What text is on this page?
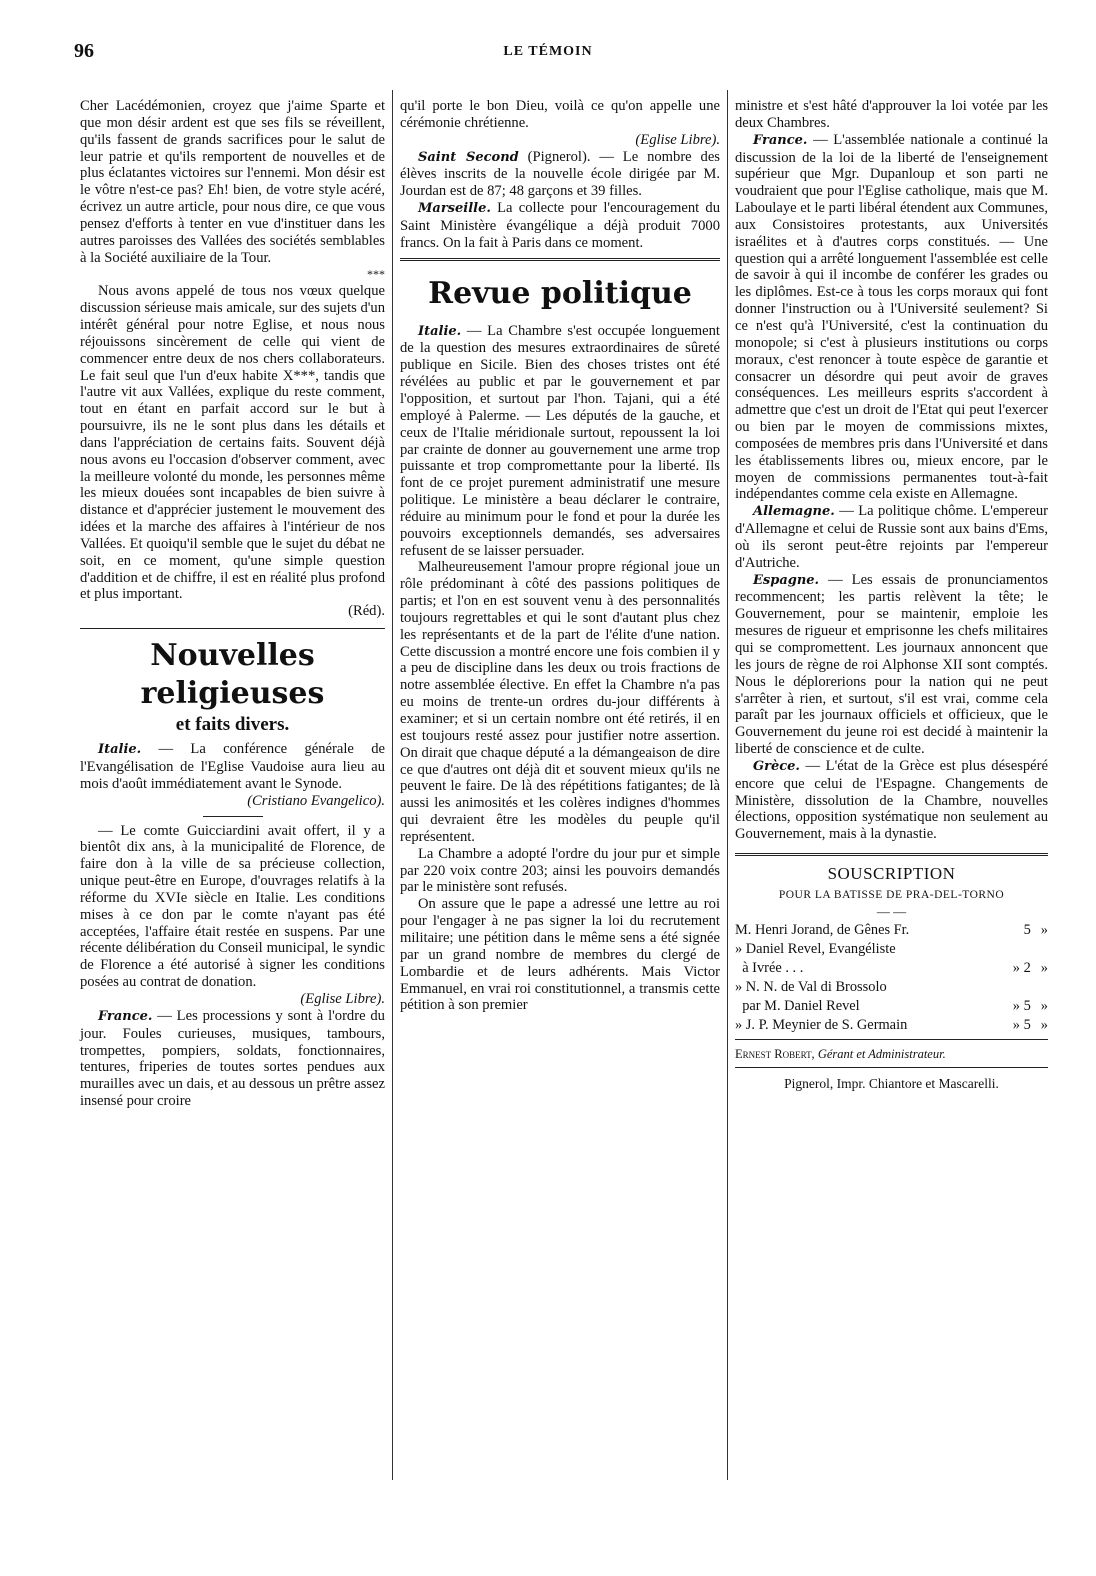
96	LE TÉMOIN

Cher Lacédémonien, croyez que j'aime Sparte et que mon désir ardent est que ses fils se réveillent, qu'ils fassent de grands sacrifices pour le salut de leur patrie et qu'ils remportent de nouvelles et de plus éclatantes victoires sur l'ennemi. Mon désir est le vôtre n'est-ce pas? Eh! bien, de votre style acéré, écrivez un autre article, pour nous dire, ce que vous pensez d'efforts à tenter en vue d'instituer dans les autres paroisses des Vallées des sociétés semblables à la Société auxiliaire de la Tour.

***

Nous avons appelé de tous nos vœux quelque discussion sérieuse mais amicale, sur des sujets d'un intérêt général pour notre Eglise, et nous nous réjouissons sincèrement de celle qui vient de commencer entre deux de nos chers collaborateurs. Le fait seul que l'un d'eux habite X***, tandis que l'autre vit aux Vallées, explique du reste comment, tout en étant en parfait accord sur le but à poursuivre, ils ne le sont plus dans les détails et dans l'appréciation de certains faits. Souvent déjà nous avons eu l'occasion d'observer comment, avec la meilleure volonté du monde, les personnes même les mieux douées sont incapables de bien suivre à distance et d'apprécier justement le mouvement des idées et la marche des affaires à l'intérieur de nos Vallées. Et quoiqu'il semble que le sujet du débat ne soit, en ce moment, qu'une simple question d'addition et de chiffre, il est en réalité plus profond et plus important.

(Réd).
Nouvelles religieuses
et faits divers.

Italie. — La conférence générale de l'Evangélisation de l'Eglise Vaudoise aura lieu au mois d'août immédiatement avant le Synode.

(Cristiano Evangelico).

— Le comte Guicciardini avait offert, il y a bientôt dix ans, à la municipalité de Florence, de faire don à la ville de sa précieuse collection, unique peut-être en Europe, d'ouvrages relatifs à la réforme du XVIe siècle en Italie. Les conditions mises à ce don par le comte n'ayant pas été acceptées, l'affaire était restée en suspens. Par une récente délibération du Conseil municipal, le syndic de Florence a été autorisé à signer les conditions posées au contrat de donation.

(Eglise Libre).

France. — Les processions y sont à l'ordre du jour. Foules curieuses, musiques, tambours, trompettes, pompiers, soldats, fonctionnaires, tentures, friperies de toutes sortes pendues aux murailles avec un dais, et au dessous un prêtre assez insensé pour croire

qu'il porte le bon Dieu, voilà ce qu'on appelle une cérémonie chrétienne.

(Eglise Libre).

Saint Second (Pignerol). — Le nombre des élèves inscrits de la nouvelle école dirigée par M. Jourdan est de 87; 48 garçons et 39 filles.

Marseille. La collecte pour l'encouragement du Saint Ministère évangélique a déjà produit 7000 francs. On la fait à Paris dans ce moment.

Revue politique

Italie. — La Chambre s'est occupée longuement de la question des mesures extraordinaires de sûreté publique en Sicile. Bien des choses tristes ont été révélées au public et par le gouvernement et par l'opposition, et surtout par l'hon. Tajani, qui a été employé à Palerme. — Les députés de la gauche, et ceux de l'Italie méridionale surtout, repoussent la loi par crainte de donner au gouvernement une arme trop puissante et trop compromettante pour la liberté. Ils font de ce projet purement administratif une mesure politique. Le ministère a beau déclarer le contraire, réduire au minimum pour le fond et pour la durée les pouvoirs exceptionnels demandés, ses adversaires refusent de se laisser persuader.

Malheureusement l'amour propre régional joue un rôle prédominant à côté des passions politiques de partis; et l'on en est souvent venu à des personnalités toujours regrettables et qui le sont d'autant plus chez les représentants et de la part de l'élite d'une nation. Cette discussion a montré encore une fois combien il y a peu de discipline dans les deux ou trois fractions de notre assemblée élective. En effet la Chambre n'a pas eu moins de trente-un ordres du-jour différents à examiner; et si un certain nombre ont été retirés, il en est toujours resté assez pour justifier notre assertion. On dirait que chaque député a la démangeaison de dire ce que d'autres ont déjà dit et souvent mieux qu'ils ne peuvent le faire. De là des répétitions fatigantes; de là aussi les animosités et les colères indignes d'hommes qui devraient être les modèles du peuple qu'il représentent.

La Chambre a adopté l'ordre du jour pur et simple par 220 voix contre 203; ainsi les pouvoirs demandés par le ministère sont refusés.

On assure que le pape a adressé une lettre au roi pour l'engager à ne pas signer la loi du recrutement militaire; une pétition dans le même sens a été signée par un grand nombre de membres du clergé de Lombardie et de leurs adhérents. Mais Victor Emmanuel, en vrai roi constitutionnel, a transmis cette pétition à son premier

ministre et s'est hâté d'approuver la loi votée par les deux Chambres.

France. — L'assemblée nationale a continué la discussion de la loi de la liberté de l'enseignement supérieur que Mgr. Dupanloup et son parti ne voudraient que pour l'Eglise catholique, mais que M. Laboulaye et le parti libéral étendent aux Communes, aux Consistoires protestants, aux Universités israélites et à d'autres corps constitués. — Une question qui a arrêté longuement l'assemblée est celle de savoir à qui il incombe de conférer les grades ou les diplômes. Est-ce à tous les corps moraux qui font donner l'instruction ou à l'Université seulement? Si ce n'est qu'à l'Université, c'est la continuation du monopole; si c'est à plusieurs institutions ou corps moraux, c'est renoncer à toute espèce de garantie et consacrer un désordre qui peut avoir de graves conséquences. Les meilleurs esprits s'accordent à admettre que c'est un droit de l'Etat qui peut l'exercer ou bien par le moyen de commissions mixtes, composées de membres pris dans l'Université et dans les établissements libres ou, mieux encore, par le moyen de commissions permanentes tout-à-fait indépendantes comme cela existe en Allemagne.

Allemagne. — La politique chôme. L'empereur d'Allemagne et celui de Russie sont aux bains d'Ems, où ils seront peut-être rejoints par l'empereur d'Autriche.

Espagne. — Les essais de pronunciamentos recommencent; les partis relèvent la tête; le Gouvernement, pour se maintenir, emploie les mesures de rigueur et emprisonne les chefs militaires qui se compromettent. Les journaux annoncent que les jours de règne de roi Alphonse XII sont comptés. Nous le déplorerions pour la nation qui ne peut s'arrêter à rien, et surtout, s'il est vrai, comme cela paraît par les journaux officiels et officieux, que le Gouvernement du jeune roi est decidé à maintenir la liberté de conscience et de culte.

Grèce. — L'état de la Grèce est plus désespéré encore que celui de l'Espagne. Changements de Ministère, dissolution de la Chambre, nouvelles élections, opposition systématique non seulement au Gouvernement, mais à la dynastie.

SOUSCRIPTION
POUR LA BATISSE DE PRA-DEL-TORNO
— —
M. Henri Jorand, de Gênes Fr.	5 »
» Daniel Revel, Evangéliste
à Ivrée . . .	» 2 »
» N. N. de Val di Brossolo
par M. Daniel Revel	» 5 »
» J. P. Meynier de S. Germain	» 5 »
Ernest Robert, Gérant et Administrateur.
Pignerol, Impr. Chiantore et Mascarelli.
